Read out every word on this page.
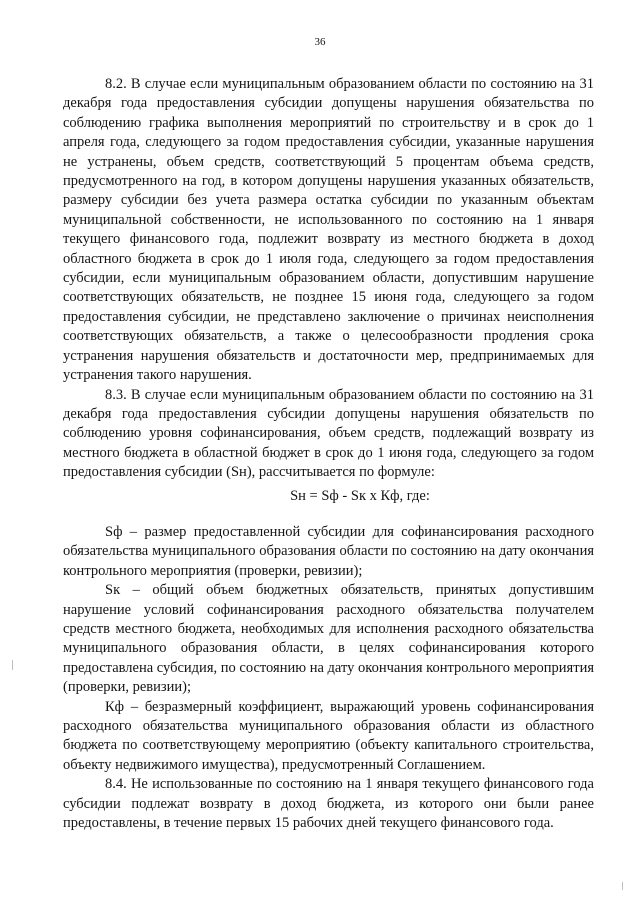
36

8.2. В случае если муниципальным образованием области по состоянию на 31 декабря года предоставления субсидии допущены нарушения обязательства по соблюдению графика выполнения мероприятий по строительству и в срок до 1 апреля года, следующего за годом предоставления субсидии, указанные нарушения не устранены, объем средств, соответствующий 5 процентам объема средств, предусмотренного на год, в котором допущены нарушения указанных обязательств, размеру субсидии без учета размера остатка субсидии по указанным объектам муниципальной собственности, не использованного по состоянию на 1 января текущего финансового года, подлежит возврату из местного бюджета в доход областного бюджета в срок до 1 июля года, следующего за годом предоставления субсидии, если муниципальным образованием области, допустившим нарушение соответствующих обязательств, не позднее 15 июня года, следующего за годом предоставления субсидии, не представлено заключение о причинах неисполнения соответствующих обязательств, а также о целесообразности продления срока устранения нарушения обязательств и достаточности мер, предпринимаемых для устранения такого нарушения.

8.3. В случае если муниципальным образованием области по состоянию на 31 декабря года предоставления субсидии допущены нарушения обязательств по соблюдению уровня софинансирования, объем средств, подлежащий возврату из местного бюджета в областной бюджет в срок до 1 июня года, следующего за годом предоставления субсидии (Sн), рассчитывается по формуле:

Sн = Sф - Sк x Кф, где:

Sф – размер предоставленной субсидии для софинансирования расходного обязательства муниципального образования области по состоянию на дату окончания контрольного мероприятия (проверки, ревизии);

Sк – общий объем бюджетных обязательств, принятых допустившим нарушение условий софинансирования расходного обязательства получателем средств местного бюджета, необходимых для исполнения расходного обязательства муниципального образования области, в целях софинансирования которого предоставлена субсидия, по состоянию на дату окончания контрольного мероприятия (проверки, ревизии);

Кф – безразмерный коэффициент, выражающий уровень софинансирования расходного обязательства муниципального образования области из областного бюджета по соответствующему мероприятию (объекту капитального строительства, объекту недвижимого имущества), предусмотренный Соглашением.

8.4. Не использованные по состоянию на 1 января текущего финансового года субсидии подлежат возврату в доход бюджета, из которого они были ранее предоставлены, в течение первых 15 рабочих дней текущего финансового года.
